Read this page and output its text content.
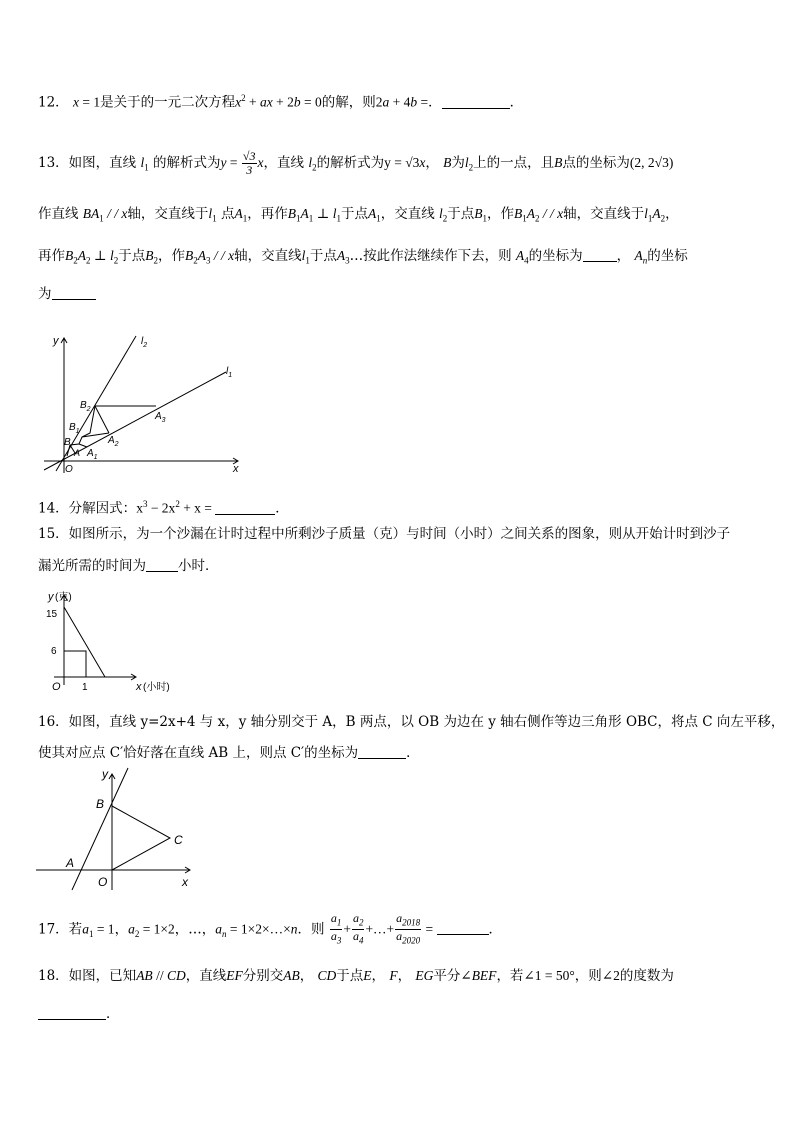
12． x = 1是关于的一元二次方程$x^2$ + ax + 2b = 0的解，则2a + 4b =．	．
13．如图，直线 $l_1$ 的解析式为$y = \frac{√3}{3}$ x，直线 $l_2$的解析式为y = √3x， B为$l_2$上的一点，且B点的坐标为(2, 2√3)
作直线 $BA_1$ / / x轴，交直线于$l_1$ 点$A_1$，再作$B_1A_1$ ⊥ $l_1$于点$A_1$，交直线 $l_2$于点$B_1$，作$B_1A_2$ / / x轴，交直线于$l_1A_2$，
再作$B_2A_2$ ⊥ $l_2$于点$B_2$，作$B_2A_3$ / / x轴，交直线$l_1$于点$A_3\dots$按此作法继续作下去，则 $A_4$的坐标为	， $A_n$的坐标
为
y
x
O
$l_2$
$l_1$
$B_2$
$B_1$
B
A $A_1$
$A_2$
$A_3$
14．分解因式：$x^3 - 2x^2 + x$ =	．
15．如图所示，为一个沙漏在计时过程中所剩沙子质量（克）与时间（小时）之间关系的图象，则从开始计时到沙子
漏光所需的时间为 小时．
y (克)
15
6
O 1	x (小时)
16．如图，直线 y=2x+4 与 x，y 轴分别交于 A，B 两点，以 OB 为边在 y 轴右侧作等边三角形 OBC，将点 C 向左平移，
使其对应点 C′恰好落在直线 AB 上，则点 C′的坐标为	．
y
B
C
A
O	x
17．若$a_1 = 1$，$a_2 = 1\times 2$，…，$a_n$ = 1×2×…×n．则 $\frac{a_1}{a_3} + \frac{a_2}{a_4}$ +…+ $\frac{a_{2018}}{a_{2020}}$ =	．
18．如图，已知AB // CD，直线EF分别交AB， CD于点E， F， EG平分∠BEF，若∠1 = 50°，则∠2的度数为
．
